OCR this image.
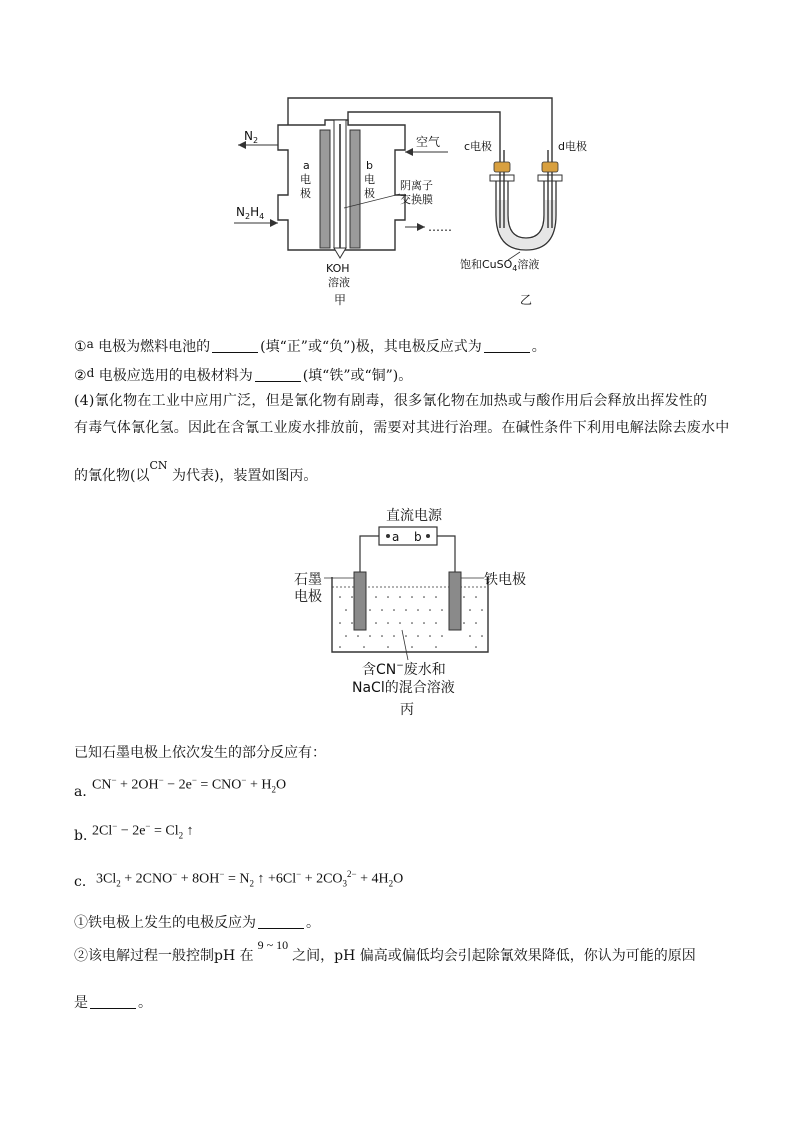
$N_2$
$N_2H_4$
空气
……
a
电
极
b
电
极
阴离子
交换膜
KOH
溶液
甲
c电极	d电极
饱和CuSO$_4$溶液
乙
①a 电极为燃料电池的	(填“正”或“负”)极，其电极反应式为	。
②d 电极应选用的电极材料为	(填“铁”或“铜”)。
(4)氰化物在工业中应用广泛，但是氰化物有剧毒，很多氰化物在加热或与酸作用后会释放出挥发性的
有毒气体氰化氢。因此在含氰工业废水排放前，需要对其进行治理。在碱性条件下利用电解法除去废水中
的氰化物(以$^{CN}$ 为代表)，装置如图丙。
直流电源
a b
石墨
电极
铁电极
含CN−废水和
NaCl的混合溶液
丙
已知石墨电极上依次发生的部分反应有：
a．
$CN^- + 2OH^- - 2e^- = CNO^- + H_2O$
b．
$2Cl^- - 2e^- = Cl_2$ ↑
c． $3Cl_2 + 2CNO^- + 8OH^- = N_2$ ↑ $+6Cl^- + 2CO_3^{2-} + 4H_2O$
①铁电极上发生的电极反应为	。
②该电解过程一般控制pH 在9 ~ 10之间，pH 偏高或偏低均会引起除氰效果降低，你认为可能的原因
是	。
